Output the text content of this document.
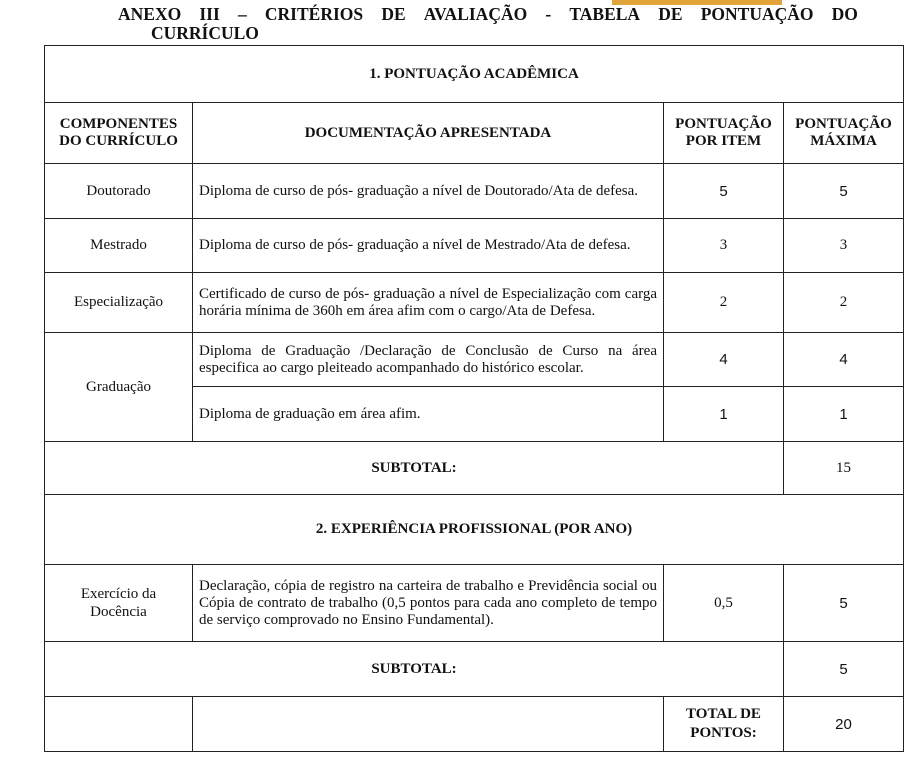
ANEXO III – CRITÉRIOS DE AVALIAÇÃO - TABELA DE PONTUAÇÃO DO
CURRÍCULO
1. PONTUAÇÃO ACADÊMICA			
COMPONENTES DO CURRÍCULO	DOCUMENTAÇÃO APRESENTADA	PONTUAÇÃO POR ITEM	PONTUAÇÃO MÁXIMA
Doutorado	Diploma de curso de pós- graduação a nível de Doutorado/Ata de defesa.	5	5
Mestrado	Diploma de curso de pós- graduação a nível de Mestrado/Ata de defesa.	3	3
Especialização	Certificado de curso de pós- graduação a nível de Especialização com carga horária mínima de 360h em área afim com o cargo/Ata de Defesa.	2	2
Graduação	Diploma de Graduação /Declaração de Conclusão de Curso na área especifica ao cargo pleiteado acompanhado do histórico escolar.	4	4
	Diploma de graduação em área afim.	1	1
SUBTOTAL:			15
2. EXPERIÊNCIA PROFISSIONAL (POR ANO)			
Exercício da Docência	Declaração, cópia de registro na carteira de trabalho e Previdência social ou Cópia de contrato de trabalho (0,5 pontos para cada ano completo de tempo de serviço comprovado no Ensino Fundamental).	0,5	5
SUBTOTAL:			5
		TOTAL DE PONTOS:	20
